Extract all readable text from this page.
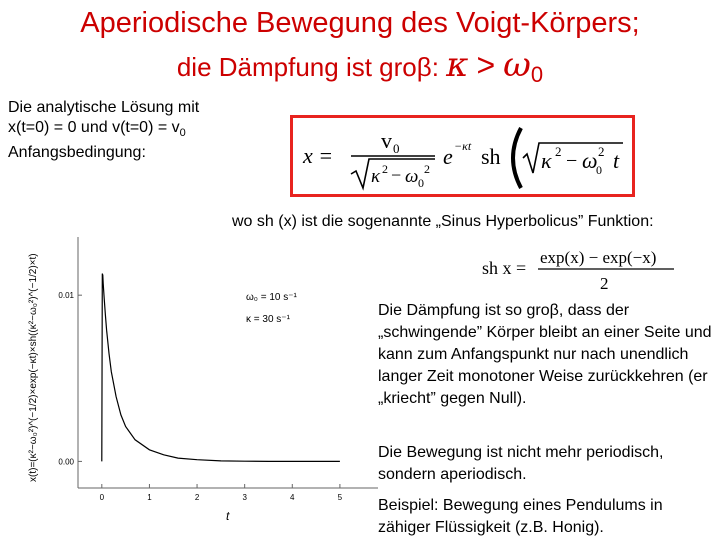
Aperiodische Bewegung des Voigt-Körpers;
die Dämpfung ist groβ: $\kappa > \omega_0$
Die analytische Lösung mit
x(t=0) = 0 und $v(t=0) = v_0$
Anfangsbedingung:	x =
v 0
κ 2 − ω 0
2 e −κt sh κ 2 − ω
0
2 t
wo sh (x) ist die sogenannte „Sinus Hyperbolicus” Funktion:
sh x =
exp(x) − exp(−x)
2
Die Dämpfung ist so groβ, dass der „schwingende” Körper bleibt an einer Seite und kann zum Anfangspunkt nur nach unendlich langer Zeit monotoner Weise zurückkehren (er „kriecht” gegen Null).
Die Bewegung ist nicht mehr periodisch, sondern aperiodisch.
Beispiel: Bewegung eines Pendulums in zähiger Flüssigkeit (z.B. Honig).
0	1	2	3	4	5
0.00
0.01
x(t)=(κ²−ω₀²)^(−1/2)×exp(−κt)×sh((κ²−ω₀²)^(−1/2)×t)
t
ω₀ = 10 s⁻¹
κ = 30 s⁻¹
